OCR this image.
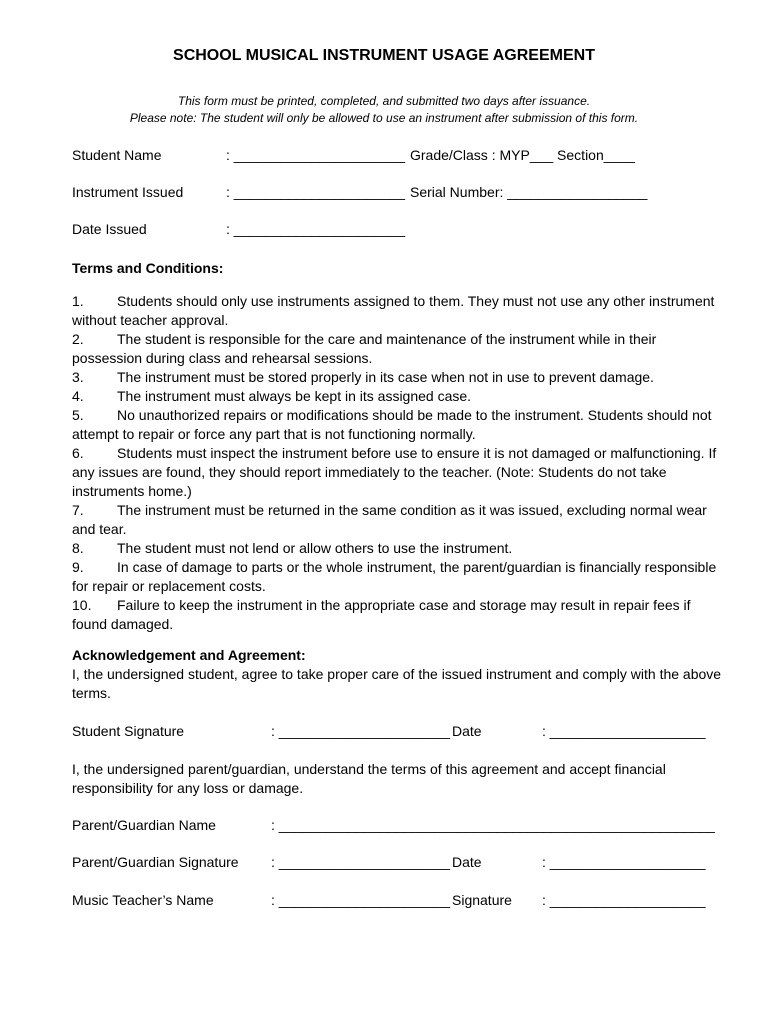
SCHOOL MUSICAL INSTRUMENT USAGE AGREEMENT
This form must be printed, completed, and submitted two days after issuance.
Please note: The student will only be allowed to use an instrument after submission of this form.
Student Name	: ______________________ Grade/Class : MYP___ Section____
Instrument Issued	: ______________________ Serial Number: __________________
Date Issued	: ______________________
Terms and Conditions:

1. Students should only use instruments assigned to them. They must not use any other instrument without teacher approval.

2. The student is responsible for the care and maintenance of the instrument while in their possession during class and rehearsal sessions.

3. The instrument must be stored properly in its case when not in use to prevent damage.

4. The instrument must always be kept in its assigned case.

5. No unauthorized repairs or modifications should be made to the instrument. Students should not attempt to repair or force any part that is not functioning normally.

6. Students must inspect the instrument before use to ensure it is not damaged or malfunctioning. If any issues are found, they should report immediately to the teacher. (Note: Students do not take instruments home.)

7. The instrument must be returned in the same condition as it was issued, excluding normal wear and tear.

8. The student must not lend or allow others to use the instrument.

9. In case of damage to parts or the whole instrument, the parent/guardian is financially responsible for repair or replacement costs.

10. Failure to keep the instrument in the appropriate case and storage may result in repair fees if found damaged.

Acknowledgement and Agreement:

I, the undersigned student, agree to take proper care of the issued instrument and comply with the above terms.

Student Signature	: ______________________ Date	: ____________________

I, the undersigned parent/guardian, understand the terms of this agreement and accept financial responsibility for any loss or damage.

Parent/Guardian Name	: ________________________________________________________
Parent/Guardian Signature : ______________________ Date	: ____________________
Music Teacher’s Name	: ______________________ Signature : ____________________
